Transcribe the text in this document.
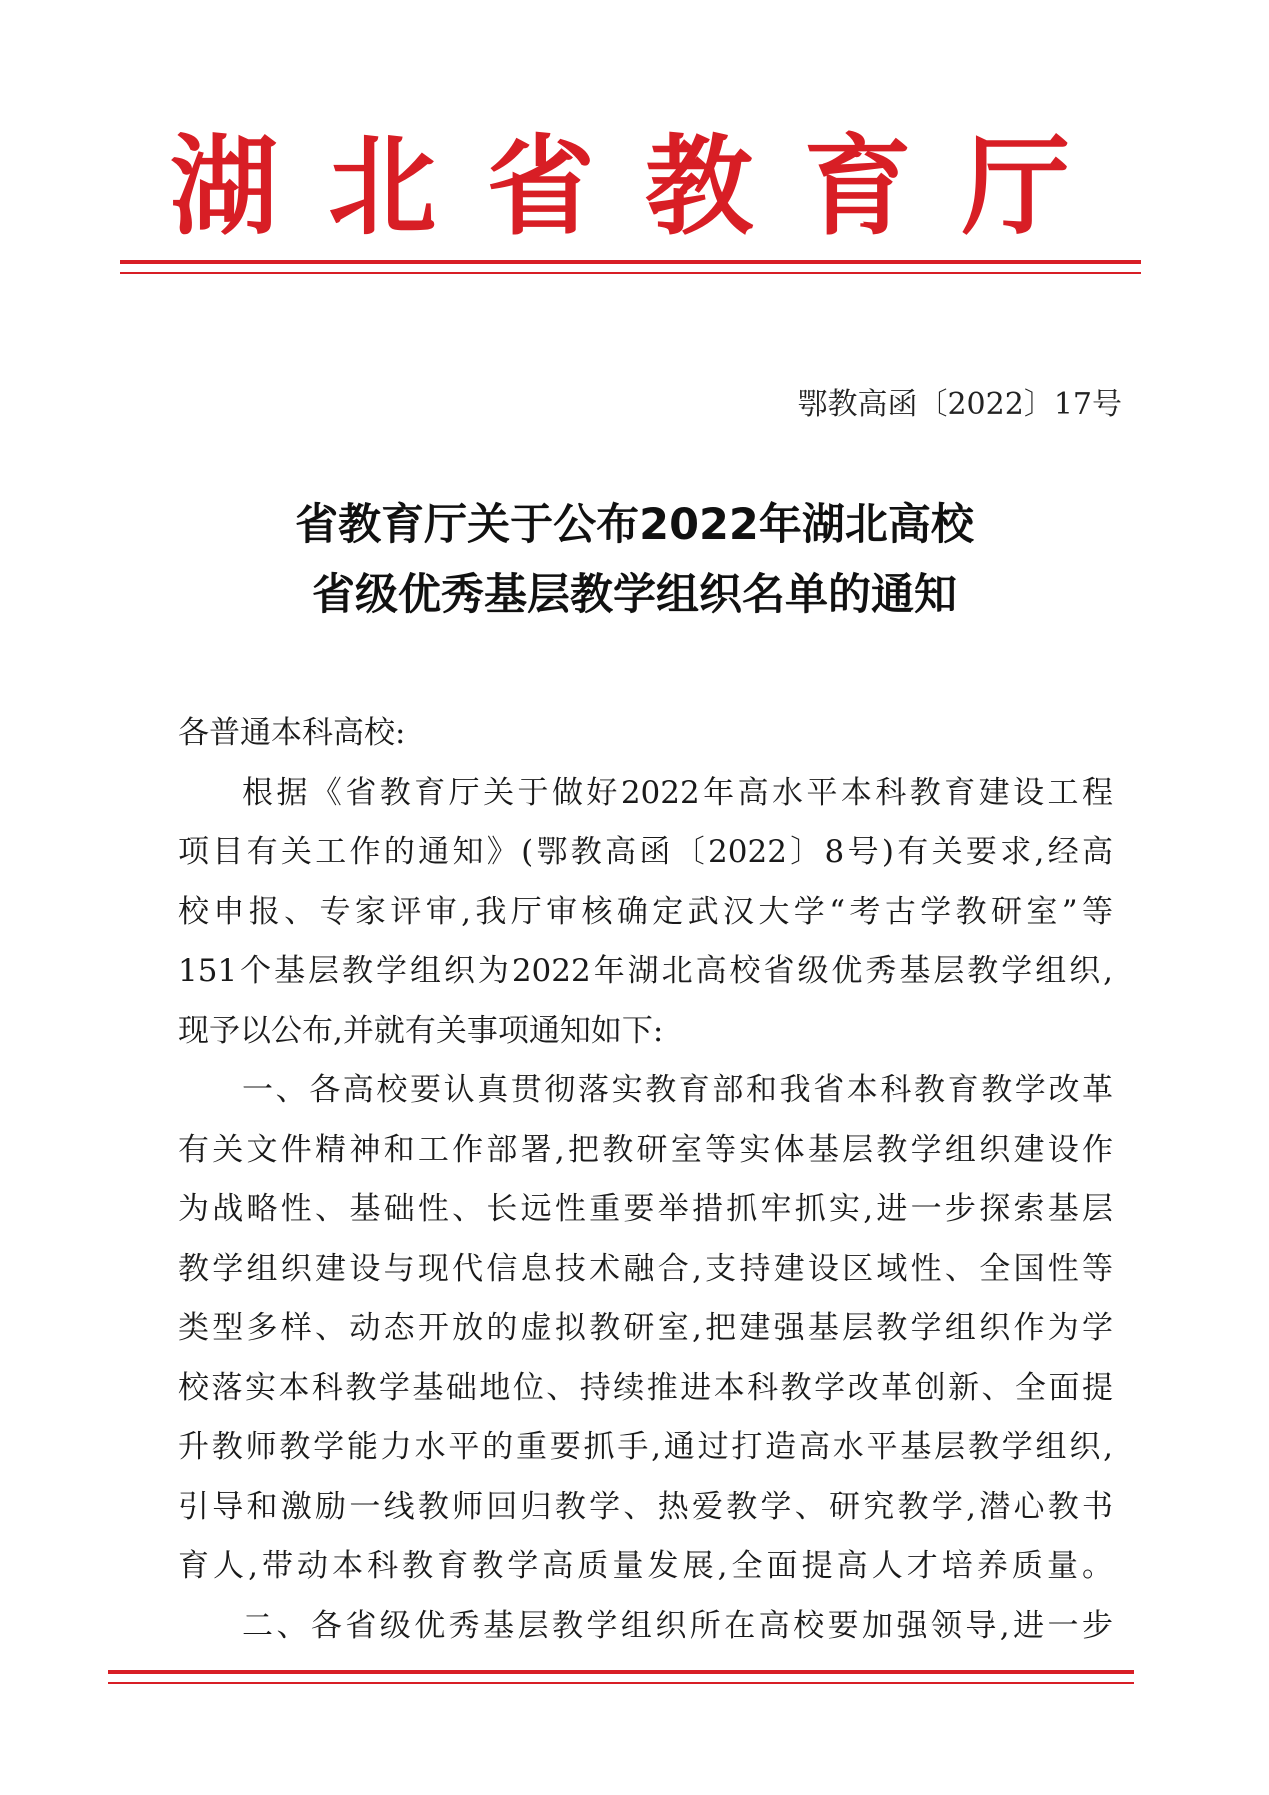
湖 北 省 教 育 厅
鄂教高函〔2022〕17号
省教育厅关于公布2022年湖北高校
省级优秀基层教学组织名单的通知
各普通本科高校:
根据《省教育厅关于做好2022年高水平本科教育建设工程
项目有关工作的通知》(鄂教高函〔2022〕8号)有关要求,经高
校申报、专家评审,我厅审核确定武汉大学“考古学教研室”等
151个基层教学组织为2022年湖北高校省级优秀基层教学组织,
现予以公布,并就有关事项通知如下:
一、各高校要认真贯彻落实教育部和我省本科教育教学改革
有关文件精神和工作部署,把教研室等实体基层教学组织建设作
为战略性、基础性、长远性重要举措抓牢抓实,进一步探索基层
教学组织建设与现代信息技术融合,支持建设区域性、全国性等
类型多样、动态开放的虚拟教研室,把建强基层教学组织作为学
校落实本科教学基础地位、持续推进本科教学改革创新、全面提
升教师教学能力水平的重要抓手,通过打造高水平基层教学组织,
引导和激励一线教师回归教学、热爱教学、研究教学,潜心教书
育人,带动本科教育教学高质量发展,全面提高人才培养质量。
二、各省级优秀基层教学组织所在高校要加强领导,进一步
